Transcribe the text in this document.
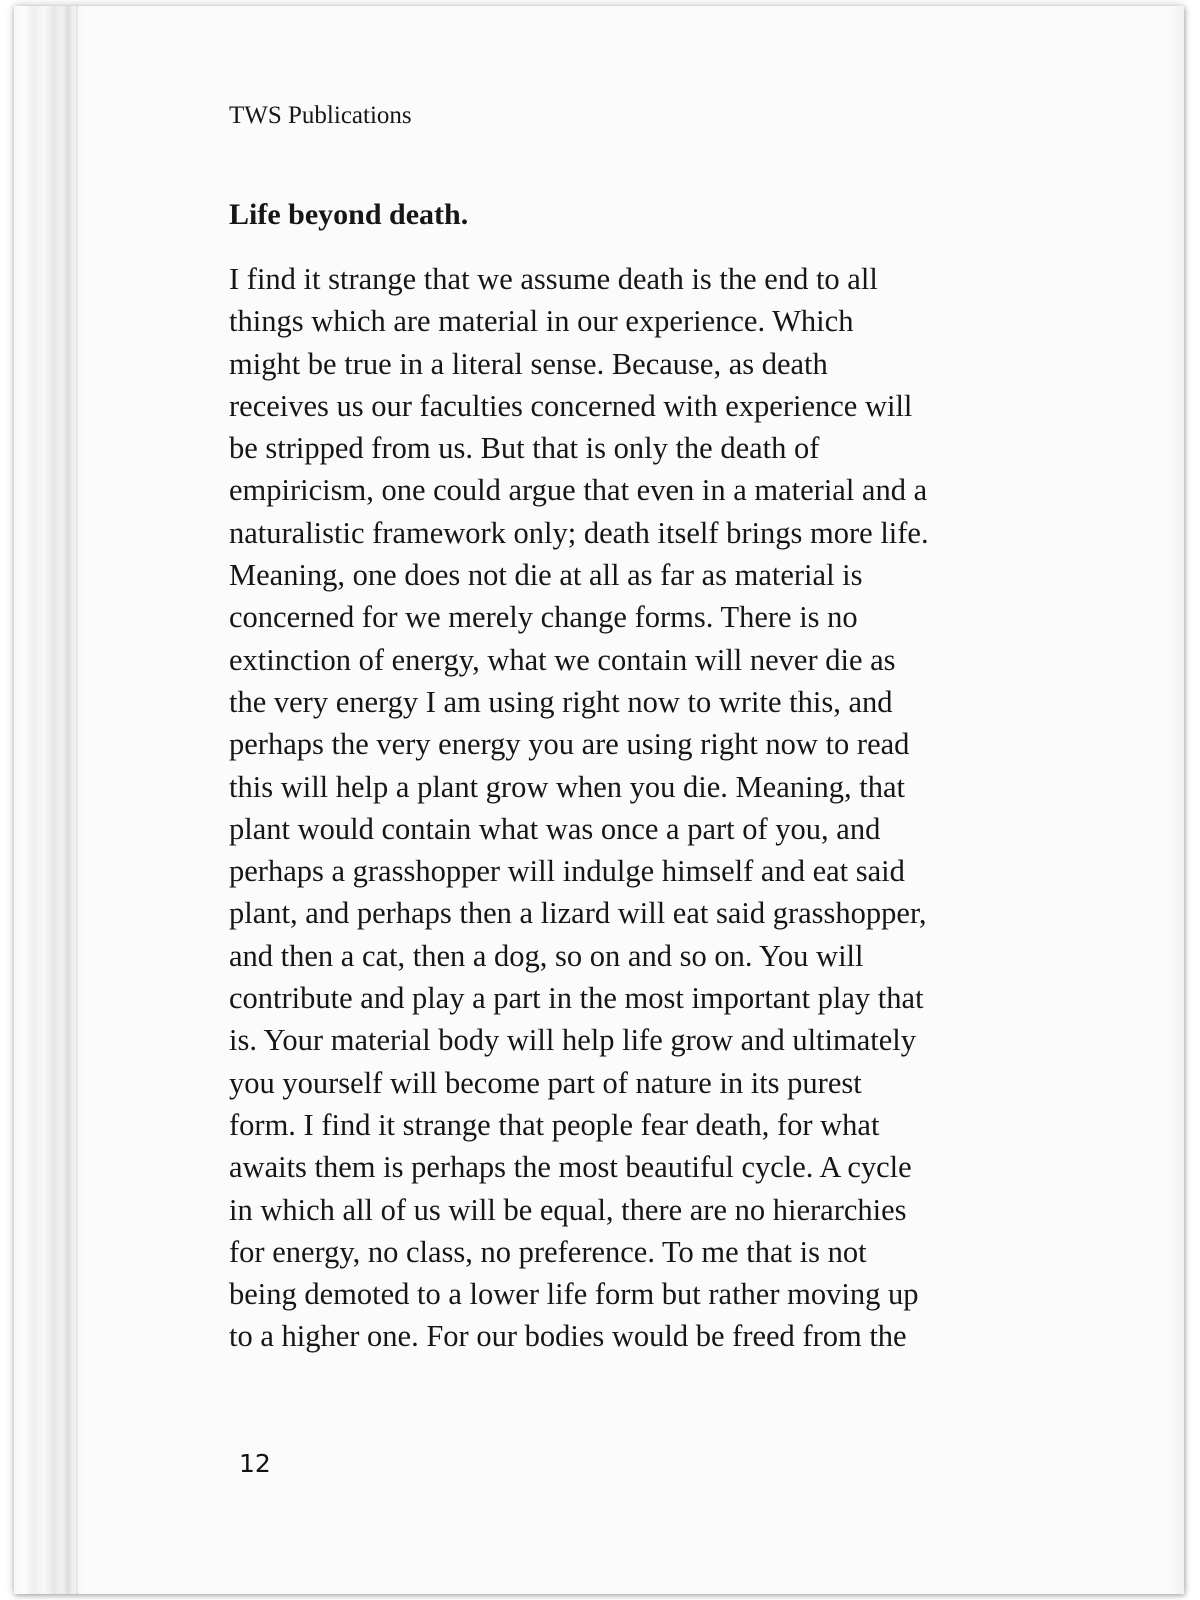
TWS Publications

Life beyond death.
I find it strange that we assume death is the end to all
things which are material in our experience. Which
might be true in a literal sense. Because, as death
receives us our faculties concerned with experience will
be stripped from us. But that is only the death of
empiricism, one could argue that even in a material and a
naturalistic framework only; death itself brings more life.
Meaning, one does not die at all as far as material is
concerned for we merely change forms. There is no
extinction of energy, what we contain will never die as
the very energy I am using right now to write this, and
perhaps the very energy you are using right now to read
this will help a plant grow when you die. Meaning, that
plant would contain what was once a part of you, and
perhaps a grasshopper will indulge himself and eat said
plant, and perhaps then a lizard will eat said grasshopper,
and then a cat, then a dog, so on and so on. You will
contribute and play a part in the most important play that
is. Your material body will help life grow and ultimately
you yourself will become part of nature in its purest
form. I find it strange that people fear death, for what
awaits them is perhaps the most beautiful cycle. A cycle
in which all of us will be equal, there are no hierarchies
for energy, no class, no preference. To me that is not
being demoted to a lower life form but rather moving up
to a higher one. For our bodies would be freed from the

12
